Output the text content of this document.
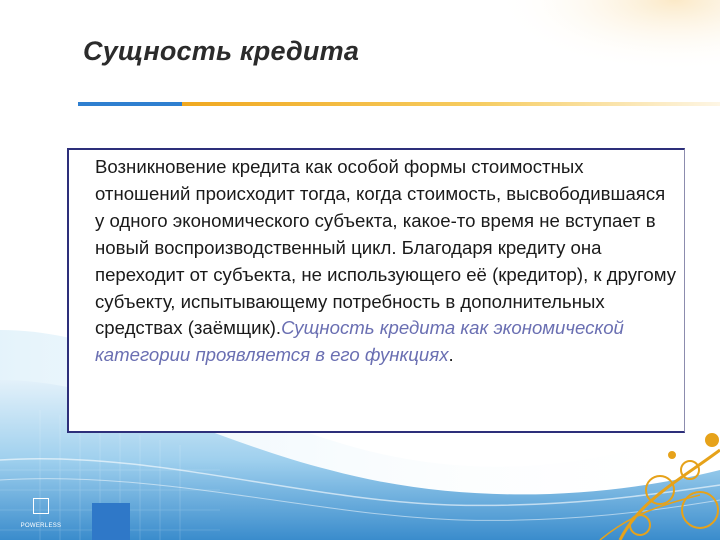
Сущность кредита
Возникновение кредита как особой формы стоимостных отношений происходит тогда, когда стоимость, высвободившаяся у одного экономического субъекта, какое-то время не вступает в новый воспроизводственный цикл. Благодаря кредиту она переходит от субъекта, не использующего её (кредитор), к другому субъекту, испытывающему потребность в дополнительных средствах (заёмщик).Сущность кредита как экономической категории проявляется в его функциях.
POWERLESS
